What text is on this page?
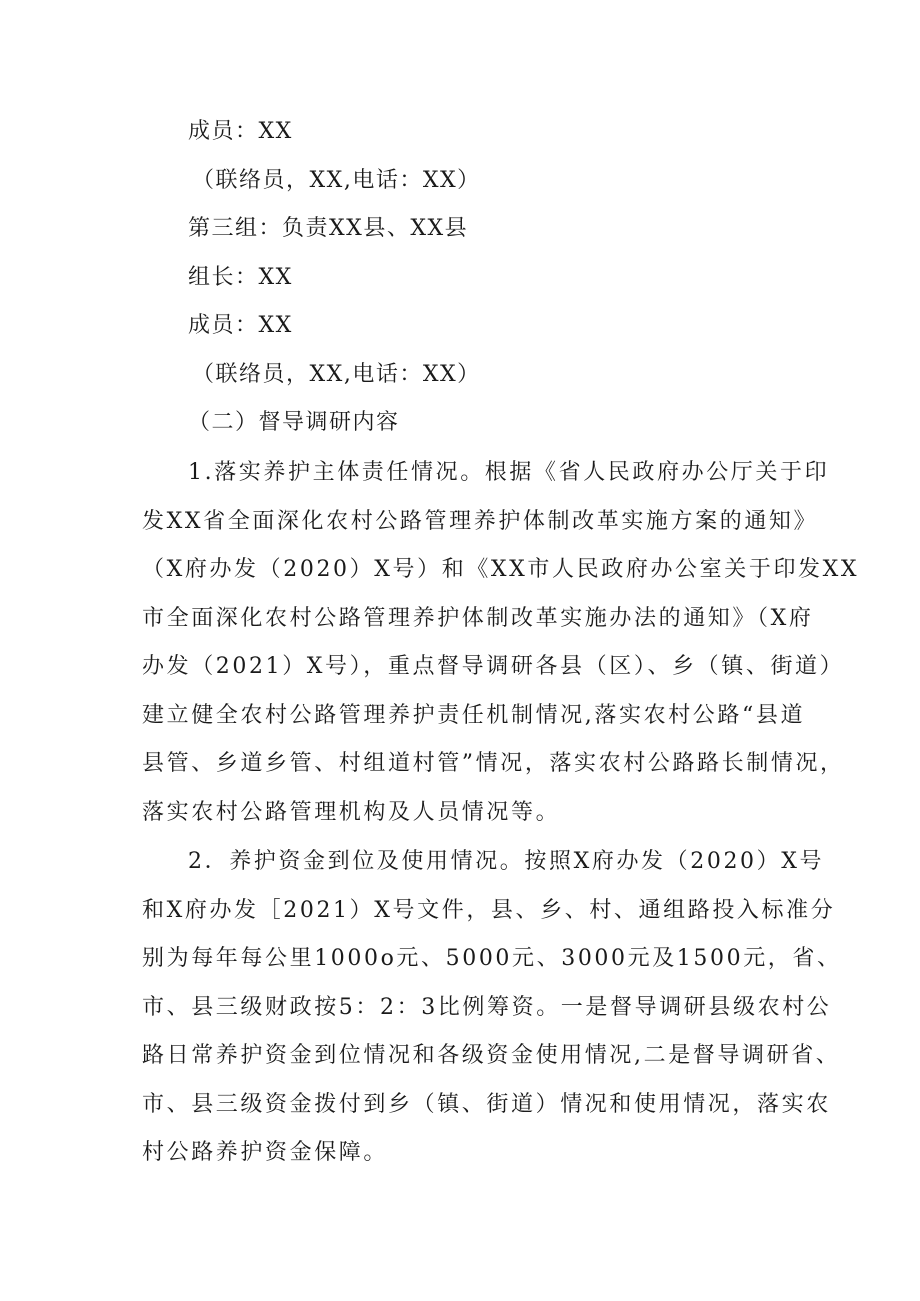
成员：XX
（联络员，XX,电话：XX）
第三组：负责XX县、XX县
组长：XX
成员：XX
（联络员，XX,电话：XX）
（二）督导调研内容
1.落实养护主体责任情况。根据《省人民政府办公厅关于印
发XX省全面深化农村公路管理养护体制改革实施方案的通知》
（X府办发（2020）X号）和《XX市人民政府办公室关于印发XX
市全面深化农村公路管理养护体制改革实施办法的通知》（X府
办发（2021）X号），重点督导调研各县（区）、乡（镇、街道）
建立健全农村公路管理养护责任机制情况,落实农村公路“县道
县管、乡道乡管、村组道村管”情况，落实农村公路路长制情况，
落实农村公路管理机构及人员情况等。
2．养护资金到位及使用情况。按照X府办发（2020）X号
和X府办发［2021）X号文件，县、乡、村、通组路投入标准分
别为每年每公里1000o元、5000元、3000元及1500元，省、
市、县三级财政按5：2：3比例筹资。一是督导调研县级农村公
路日常养护资金到位情况和各级资金使用情况,二是督导调研省、
市、县三级资金拨付到乡（镇、街道）情况和使用情况，落实农
村公路养护资金保障。
